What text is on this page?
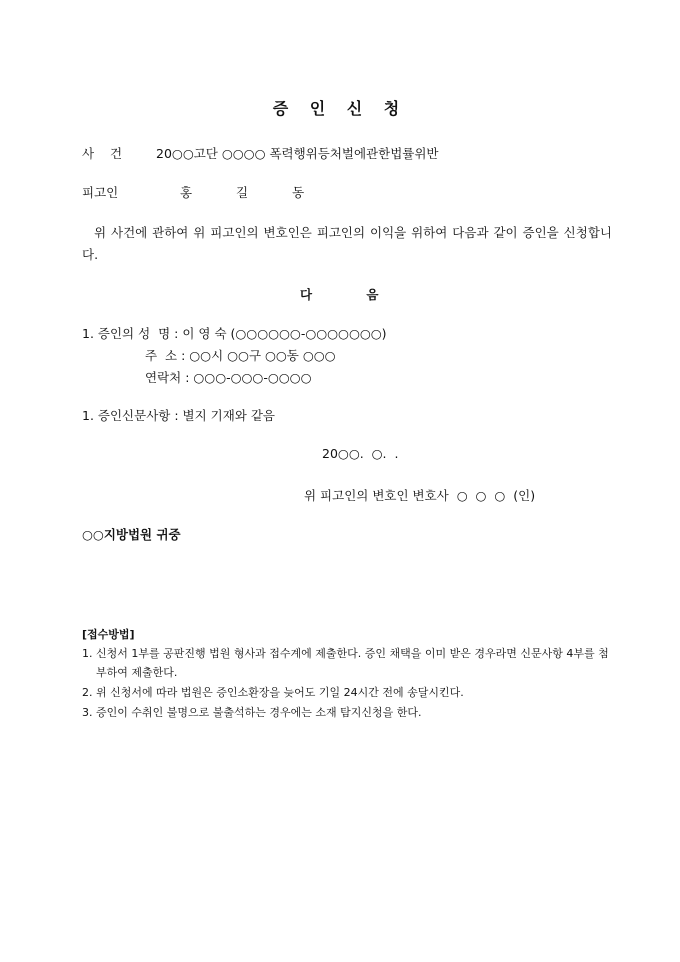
증 인 신 청
사    건	20○○고단 ○○○○ 폭력행위등처벌에관한법률위반
피고인	홍 길 동
위 사건에 관하여 위 피고인의 변호인은 피고인의 이익을 위하여 다음과 같이 증인을 신청합니다.
다 음
1. 증인의 성  명 : 이 영 숙 (○○○○○○-○○○○○○○)
주  소 : ○○시 ○○구 ○○동 ○○○
연락처 : ○○○-○○○-○○○○
1. 증인신문사항 : 별지 기재와 같음
20○○.  ○.  .
위 피고인의 변호인 변호사  ○  ○  ○  (인)
○○지방법원 귀중
[접수방법]
1. 신청서 1부를 공판진행 법원 형사과 접수계에 제출한다. 증인 채택을 이미 받은 경우라면 신문사항 4부를 첨부하여 제출한다.
2. 위 신청서에 따라 법원은 증인소환장을 늦어도 기일 24시간 전에 송달시킨다.
3. 증인이 수취인 불명으로 불출석하는 경우에는 소재 탐지신청을 한다.
